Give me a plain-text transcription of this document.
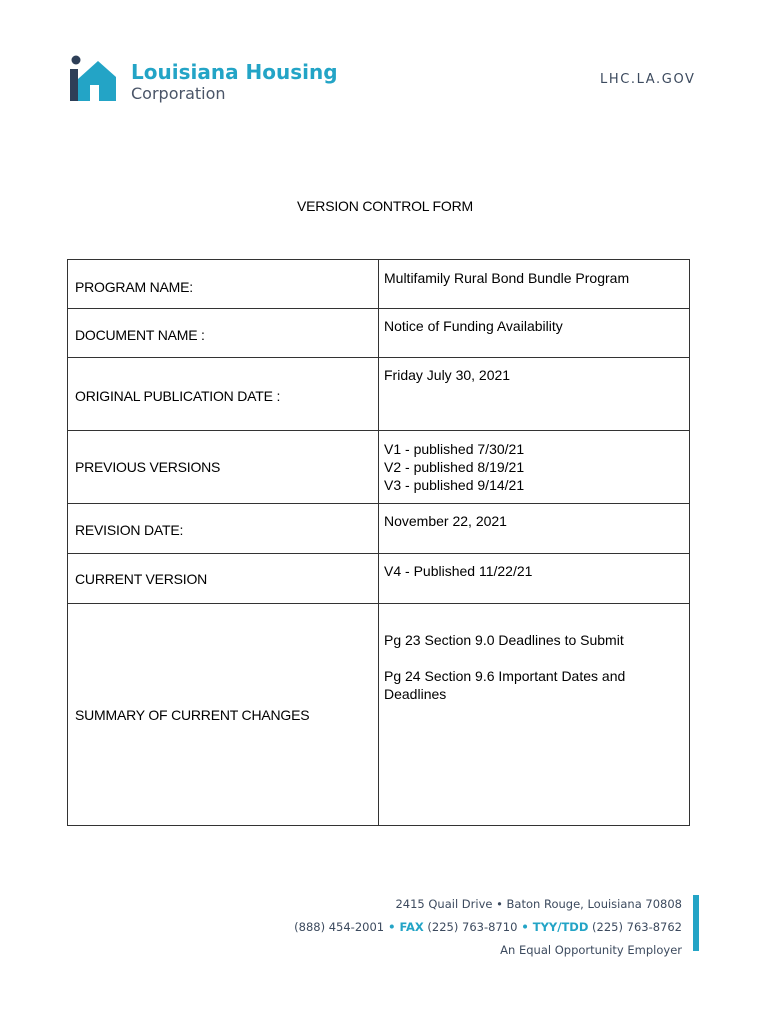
Louisiana Housing
Corporation
LHC.LA.GOV
VERSION CONTROL FORM
PROGRAM NAME:	Multifamily Rural Bond Bundle Program

DOCUMENT NAME :	Notice of Funding Availability

ORIGINAL PUBLICATION DATE :	Friday July 30, 2021

PREVIOUS VERSIONS	V1 - published 7/30/21
V2 - published 8/19/21
V3 - published 9/14/21

REVISION DATE:	November 22, 2021

CURRENT VERSION	V4 - Published 11/22/21

SUMMARY OF CURRENT CHANGES	Pg 23 Section 9.0 Deadlines to Submit
Pg 24 Section 9.6 Important Dates and Deadlines
2415 Quail Drive • Baton Rouge, Louisiana 70808
(888) 454-2001 • FAX (225) 763-8710 • TYY/TDD (225) 763-8762
An Equal Opportunity Employer
